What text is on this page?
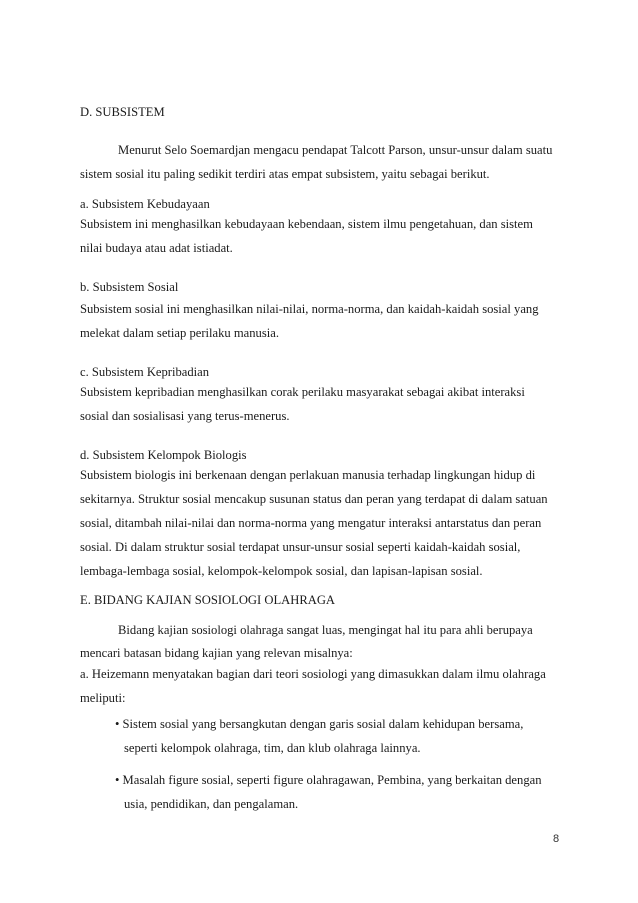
D. SUBSISTEM
Menurut Selo Soemardjan mengacu pendapat Talcott Parson, unsur-unsur dalam suatu
sistem sosial itu paling sedikit terdiri atas empat subsistem, yaitu sebagai berikut.
a. Subsistem Kebudayaan
Subsistem ini menghasilkan kebudayaan kebendaan, sistem ilmu pengetahuan, dan sistem
nilai budaya atau adat istiadat.
b. Subsistem Sosial
Subsistem sosial ini menghasilkan nilai-nilai, norma-norma, dan kaidah-kaidah sosial yang
melekat dalam setiap perilaku manusia.
c. Subsistem Kepribadian
Subsistem kepribadian menghasilkan corak perilaku masyarakat sebagai akibat interaksi
sosial dan sosialisasi yang terus-menerus.
d. Subsistem Kelompok Biologis
Subsistem biologis ini berkenaan dengan perlakuan manusia terhadap lingkungan hidup di
sekitarnya. Struktur sosial mencakup susunan status dan peran yang terdapat di dalam satuan
sosial, ditambah nilai-nilai dan norma-norma yang mengatur interaksi antarstatus dan peran
sosial. Di dalam struktur sosial terdapat unsur-unsur sosial seperti kaidah-kaidah sosial,
lembaga-lembaga sosial, kelompok-kelompok sosial, dan lapisan-lapisan sosial.
E. BIDANG KAJIAN SOSIOLOGI OLAHRAGA
Bidang kajian sosiologi olahraga sangat luas, mengingat hal itu para ahli berupaya
mencari batasan bidang kajian yang relevan misalnya:
a. Heizemann menyatakan bagian dari teori sosiologi yang dimasukkan dalam ilmu olahraga
meliputi:
• Sistem sosial yang bersangkutan dengan garis sosial dalam kehidupan bersama,
seperti kelompok olahraga, tim, dan klub olahraga lainnya.
• Masalah figure sosial, seperti figure olahragawan, Pembina, yang berkaitan dengan
usia, pendidikan, dan pengalaman.
8
